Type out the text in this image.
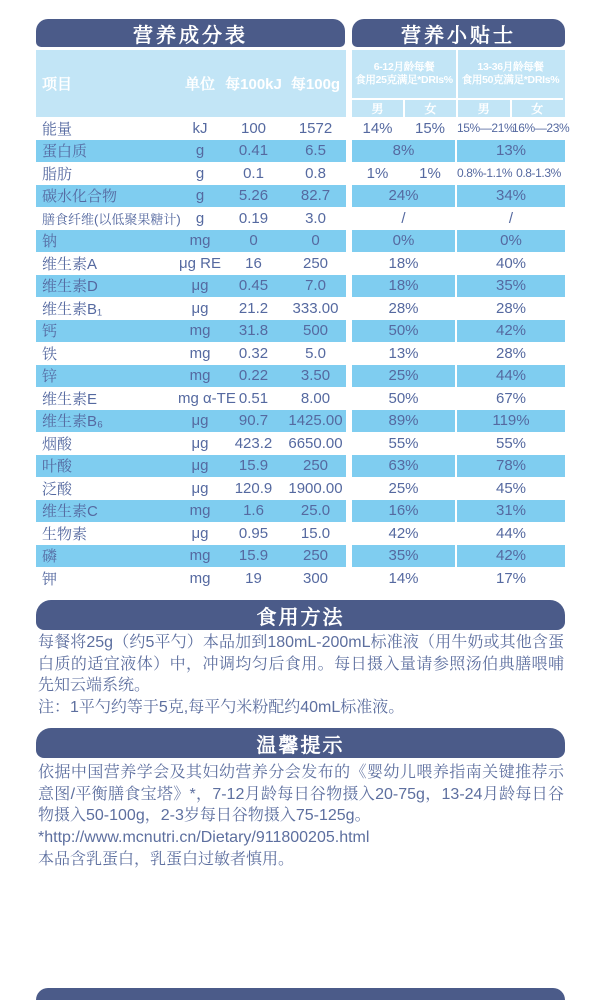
营养成分表	营养小贴士
项目	单位 每100kJ 每100g
6-12月龄每餐
食用25克满足*DRIs%
男	女
13-36月龄每餐
食用50克满足*DRIs%
男	女
能量	kJ	100	1572		14%	15%	15%—21%	16%—23%
蛋白质	g	0.41	6.5		8%		13%	
脂肪	g	0.1	0.8		1%	1%	0.8%-1.1%	0.8-1.3%
碳水化合物	g	5.26	82.7		24%		34%	
膳食纤维(以低聚果糖计)	g	0.19	3.0		/		/	
钠	mg	0	0		0%		0%	
维生素A	μg RE	16	250		18%		40%	
维生素D	μg	0.45	7.0		18%		35%	
维生素B₁	μg	21.2	333.00		28%		28%	
钙	mg	31.8	500		50%		42%	
铁	mg	0.32	5.0		13%		28%	
锌	mg	0.22	3.50		25%		44%	
维生素E	mg α-TE	0.51	8.00		50%		67%	
维生素B₆	μg	90.7	1425.00		89%		119%	
烟酸	μg	423.2	6650.00		55%		55%	
叶酸	μg	15.9	250		63%		78%	
泛酸	μg	120.9	1900.00		25%		45%	
维生素C	mg	1.6	25.0		16%		31%	
生物素	μg	0.95	15.0		42%		44%	
磷	mg	15.9	250		35%		42%	
钾	mg	19	300		14%		17%	
食用方法

每餐将25g（约5平勺）本品加到180mL-200mL标准液（用牛奶或其他含蛋白质的适宜液体）中，冲调均匀后食用。每日摄入量请参照汤伯典膳喂哺先知云端系统。

注：1平勺约等于5克,每平勺米粉配约40mL标准液。

温馨提示

依据中国营养学会及其妇幼营养分会发布的《婴幼儿喂养指南关键推荐示意图/平衡膳食宝塔》*，7-12月龄每日谷物摄入20-75g，13-24月龄每日谷物摄入50-100g，2-3岁每日谷物摄入75-125g。

*http://www.mcnutri.cn/Dietary/911800205.html

本品含乳蛋白，乳蛋白过敏者慎用。
